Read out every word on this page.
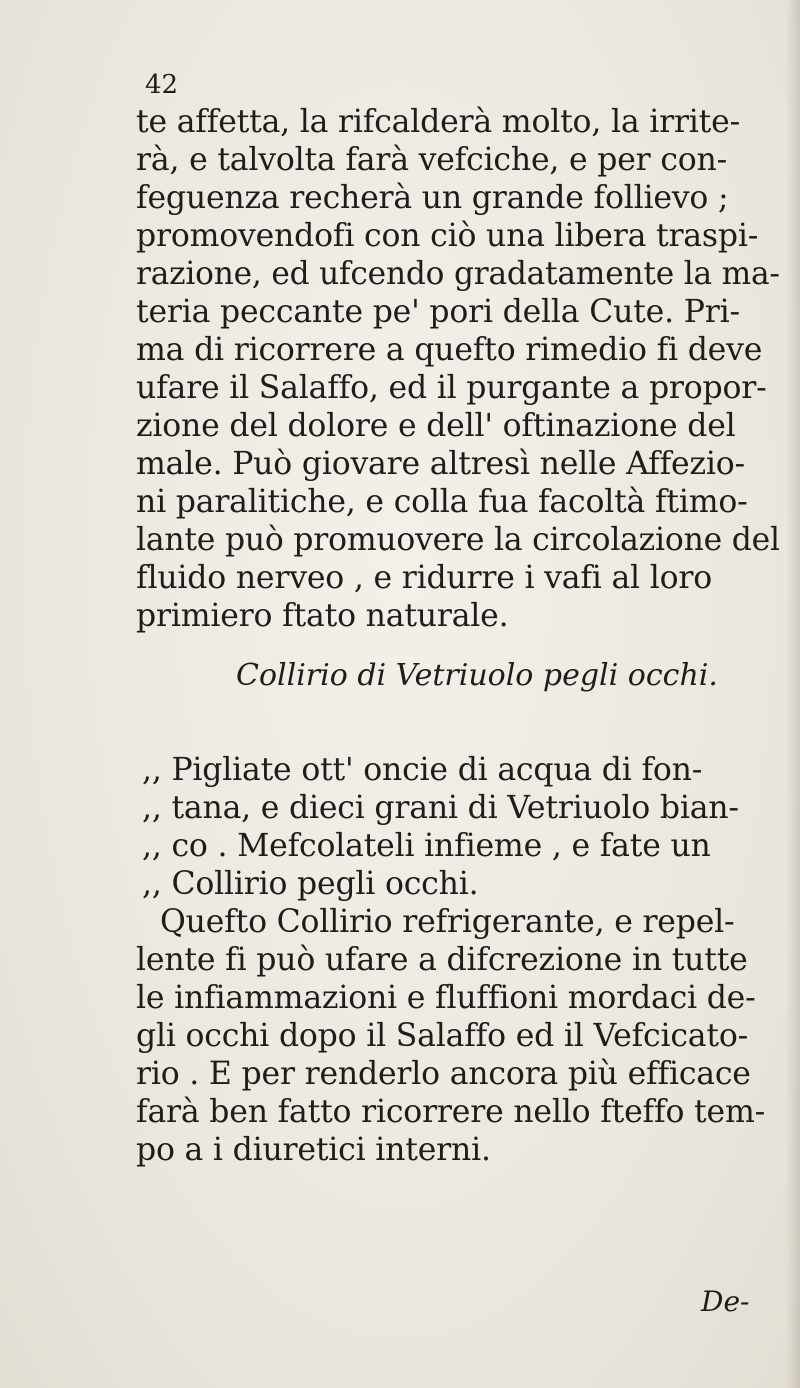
42
te affetta, la rifcalderà molto, la irrite-
rà, e talvolta farà vefciche, e per con-
feguenza recherà un grande follievo ;
promovendofi con ciò una libera traspi-
razione, ed ufcendo gradatamente la ma-
teria peccante pe' pori della Cute. Pri-
ma di ricorrere a quefto rimedio fi deve
ufare il Salaffo, ed il purgante a propor-
zione del dolore e dell' oftinazione del
male. Può giovare altresì nelle Affezio-
ni paralitiche, e colla fua facoltà ftimo-
lante può promuovere la circolazione del
fluido nerveo , e ridurre i vafi al loro
primiero ftato naturale.
Collirio di Vetriuolo pegli occhi.
,, Pigliate ott' oncie di acqua di fon-
,, tana, e dieci grani di Vetriuolo bian-
,, co . Mefcolateli infieme , e fate un
,, Collirio pegli occhi.
Quefto Collirio refrigerante, e repel-
lente fi può ufare a difcrezione in tutte
le infiammazioni e fluffioni mordaci de-
gli occhi dopo il Salaffo ed il Vefcicato-
rio . E per renderlo ancora più efficace
farà ben fatto ricorrere nello fteffo tem-
po a i diuretici interni.
De-
